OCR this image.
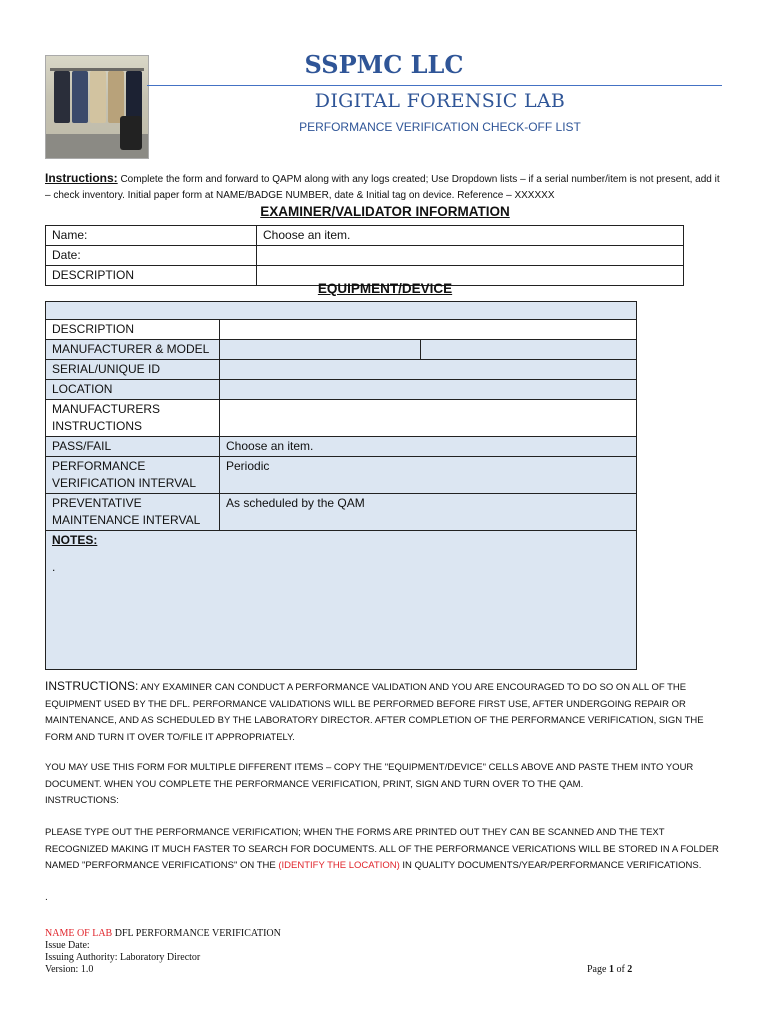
SSPMC LLC
DIGITAL FORENSIC LAB
PERFORMANCE VERIFICATION CHECK-OFF LIST
Instructions: Complete the form and forward to QAPM along with any logs created; Use Dropdown lists – if a serial number/item is not present, add it – check inventory. Initial paper form at NAME/BADGE NUMBER, date & Initial tag on device. Reference – XXXXXX
EXAMINER/VALIDATOR INFORMATION
Name:	Choose an item.
Date:	
DESCRIPTION	
EQUIPMENT/DEVICE

DESCRIPTION		
MANUFACTURER & MODEL		
SERIAL/UNIQUE ID		
LOCATION		
MANUFACTURERS INSTRUCTIONS		
PASS/FAIL	Choose an item.	
PERFORMANCE VERIFICATION INTERVAL	Periodic	
PREVENTATIVE MAINTENANCE INTERVAL	As scheduled by the QAM	

NOTES:
.		
INSTRUCTIONS: ANY EXAMINER CAN CONDUCT A PERFORMANCE VALIDATION AND YOU ARE ENCOURAGED TO DO SO ON ALL OF THE EQUIPMENT USED BY THE DFL. PERFORMANCE VALIDATIONS WILL BE PERFORMED BEFORE FIRST USE, AFTER UNDERGOING REPAIR OR MAINTENANCE, AND AS SCHEDULED BY THE LABORATORY DIRECTOR. AFTER COMPLETION OF THE PERFORMANCE VERIFICATION, SIGN THE FORM AND TURN IT OVER TO/FILE IT APPROPRIATELY.
YOU MAY USE THIS FORM FOR MULTIPLE DIFFERENT ITEMS – COPY THE "EQUIPMENT/DEVICE" CELLS ABOVE AND PASTE THEM INTO YOUR DOCUMENT. WHEN YOU COMPLETE THE PERFORMANCE VERIFICATION, PRINT, SIGN AND TURN OVER TO THE QAM.
INSTRUCTIONS:
PLEASE TYPE OUT THE PERFORMANCE VERIFICATION; WHEN THE FORMS ARE PRINTED OUT THEY CAN BE SCANNED AND THE TEXT RECOGNIZED MAKING IT MUCH FASTER TO SEARCH FOR DOCUMENTS. ALL OF THE PERFORMANCE VERICATIONS WILL BE STORED IN A FOLDER NAMED "PERFORMANCE VERIFICATIONS" ON THE (IDENTIFY THE LOCATION) IN QUALITY DOCUMENTS/YEAR/PERFORMANCE VERIFICATIONS.
.
NAME OF LAB DFL PERFORMANCE VERIFICATION
Issue Date:
Issuing Authority: Laboratory Director
Version: 1.0	Page 1 of 2
